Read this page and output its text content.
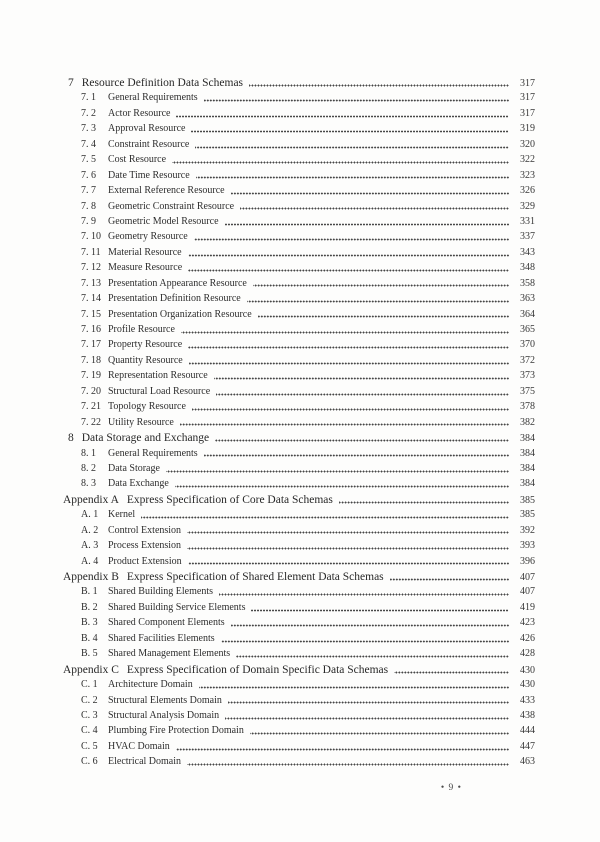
7 Resource Definition Data Schemas	317
7. 1	General Requirements	317
7. 2	Actor Resource	317
7. 3	Approval Resource	319
7. 4	Constraint Resource	320
7. 5	Cost Resource	322
7. 6	Date Time Resource	323
7. 7	External Reference Resource	326
7. 8	Geometric Constraint Resource	329
7. 9	Geometric Model Resource	331
7. 10 Geometry Resource	337
7. 11 Material Resource	343
7. 12 Measure Resource	348
7. 13 Presentation Appearance Resource	358
7. 14 Presentation Definition Resource	363
7. 15 Presentation Organization Resource	364
7. 16 Profile Resource	365
7. 17 Property Resource	370
7. 18 Quantity Resource	372
7. 19 Representation Resource	373
7. 20 Structural Load Resource	375
7. 21 Topology Resource	378
7. 22 Utility Resource	382
8 Data Storage and Exchange	384
8. 1	General Requirements	384
8. 2	Data Storage	384
8. 3	Data Exchange	384
Appendix A Express Specification of Core Data Schemas	385
A. 1 Kernel	385
A. 2 Control Extension	392
A. 3 Process Extension	393
A. 4 Product Extension	396
Appendix B Express Specification of Shared Element Data Schemas	407
B. 1	Shared Building Elements	407
B. 2	Shared Building Service Elements	419
B. 3	Shared Component Elements	423
B. 4	Shared Facilities Elements	426
B. 5	Shared Management Elements	428
Appendix C Express Specification of Domain Specific Data Schemas	430
C. 1	Architecture Domain	430
C. 2	Structural Elements Domain	433
C. 3	Structural Analysis Domain	438
C. 4	Plumbing Fire Protection Domain	444
C. 5	HVAC Domain	447
C. 6	Electrical Domain	463
• 9 •
